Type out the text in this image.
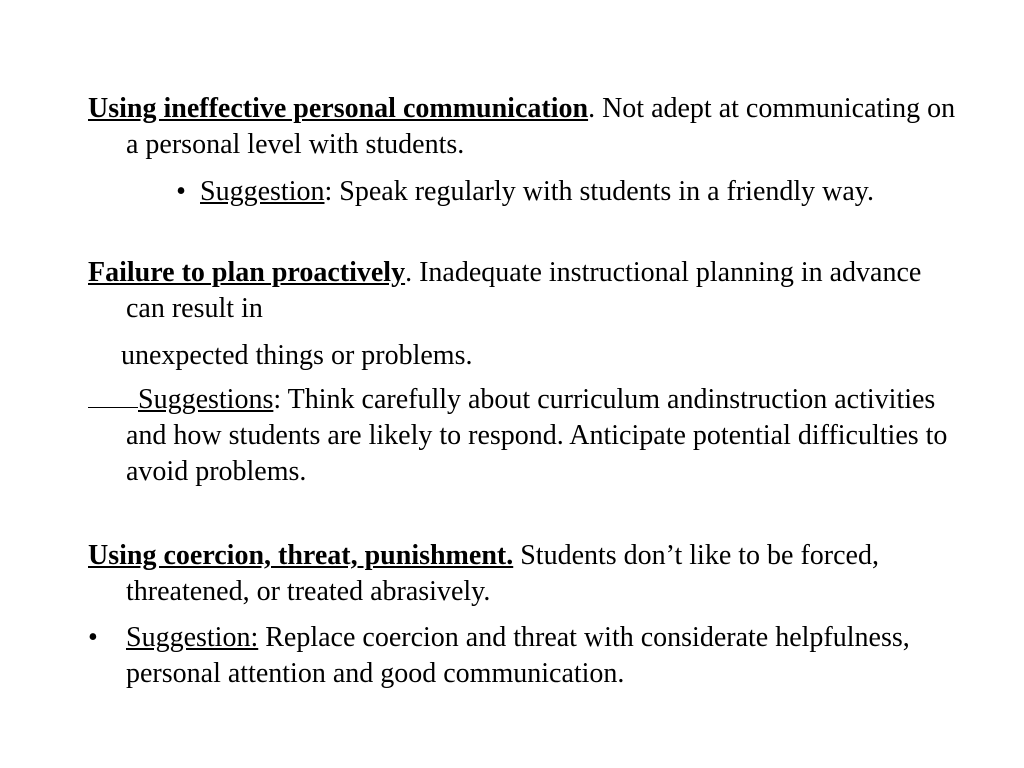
Using ineffective personal communication. Not adept at communicating on a personal level with students.

• Suggestion: Speak regularly with students in a friendly way.

Failure to plan proactively. Inadequate instructional planning in advance can result in

unexpected things or problems.

Suggestions: Think carefully about curriculum andinstruction activities and how students are likely to respond. Anticipate potential difficulties to avoid problems.

Using coercion, threat, punishment. Students don’t like to be forced, threatened, or treated abrasively.

• Suggestion: Replace coercion and threat with considerate helpfulness, personal attention and good communication.
